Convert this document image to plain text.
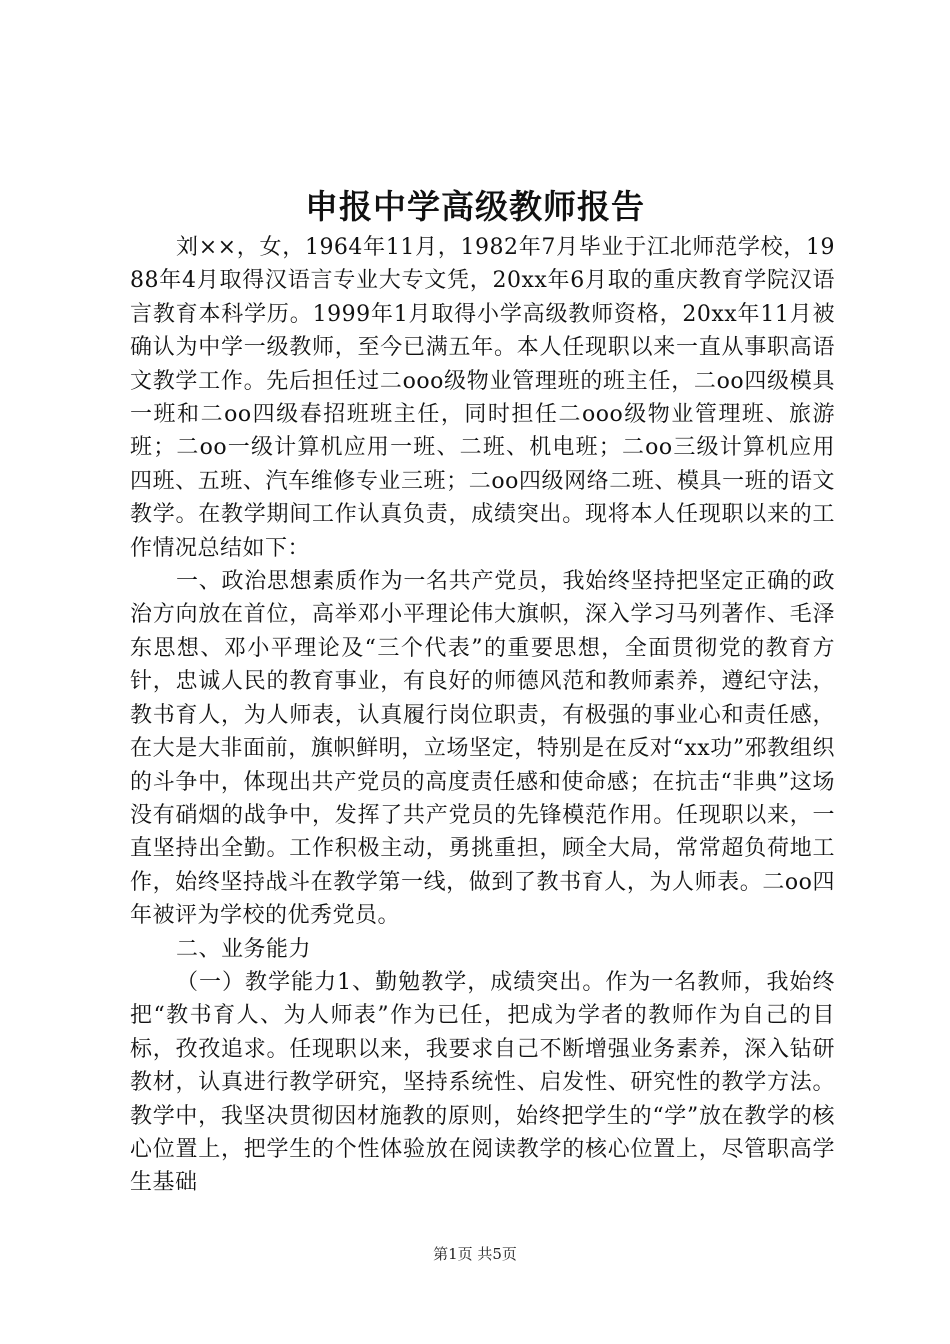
申报中学高级教师报告

刘××，女，1964年11月，1982年7月毕业于江北师范学校，1988年4月取得汉语言专业大专文凭，20xx年6月取的重庆教育学院汉语言教育本科学历。1999年1月取得小学高级教师资格，20xx年11月被确认为中学一级教师，至今已满五年。本人任现职以来一直从事职高语文教学工作。先后担任过二ooo级物业管理班的班主任，二oo四级模具一班和二oo四级春招班班主任，同时担任二ooo级物业管理班、旅游班；二oo一级计算机应用一班、二班、机电班；二oo三级计算机应用四班、五班、汽车维修专业三班；二oo四级网络二班、模具一班的语文教学。在教学期间工作认真负责，成绩突出。现将本人任现职以来的工作情况总结如下：

一、政治思想素质作为一名共产党员，我始终坚持把坚定正确的政治方向放在首位，高举邓小平理论伟大旗帜，深入学习马列著作、毛泽东思想、邓小平理论及“三个代表”的重要思想，全面贯彻党的教育方针，忠诚人民的教育事业，有良好的师德风范和教师素养，遵纪守法，教书育人，为人师表，认真履行岗位职责，有极强的事业心和责任感，在大是大非面前，旗帜鲜明，立场坚定，特别是在反对“xx功”邪教组织的斗争中，体现出共产党员的高度责任感和使命感；在抗击“非典”这场没有硝烟的战争中，发挥了共产党员的先锋模范作用。任现职以来，一直坚持出全勤。工作积极主动，勇挑重担，顾全大局，常常超负荷地工作，始终坚持战斗在教学第一线，做到了教书育人，为人师表。二oo四年被评为学校的优秀党员。

二、业务能力

（一）教学能力1、勤勉教学，成绩突出。作为一名教师，我始终把“教书育人、为人师表”作为已任，把成为学者的教师作为自己的目标，孜孜追求。任现职以来，我要求自己不断增强业务素养，深入钻研教材，认真进行教学研究，坚持系统性、启发性、研究性的教学方法。教学中，我坚决贯彻因材施教的原则，始终把学生的“学”放在教学的核心位置上，把学生的个性体验放在阅读教学的核心位置上，尽管职高学生基础

第1页 共5页
